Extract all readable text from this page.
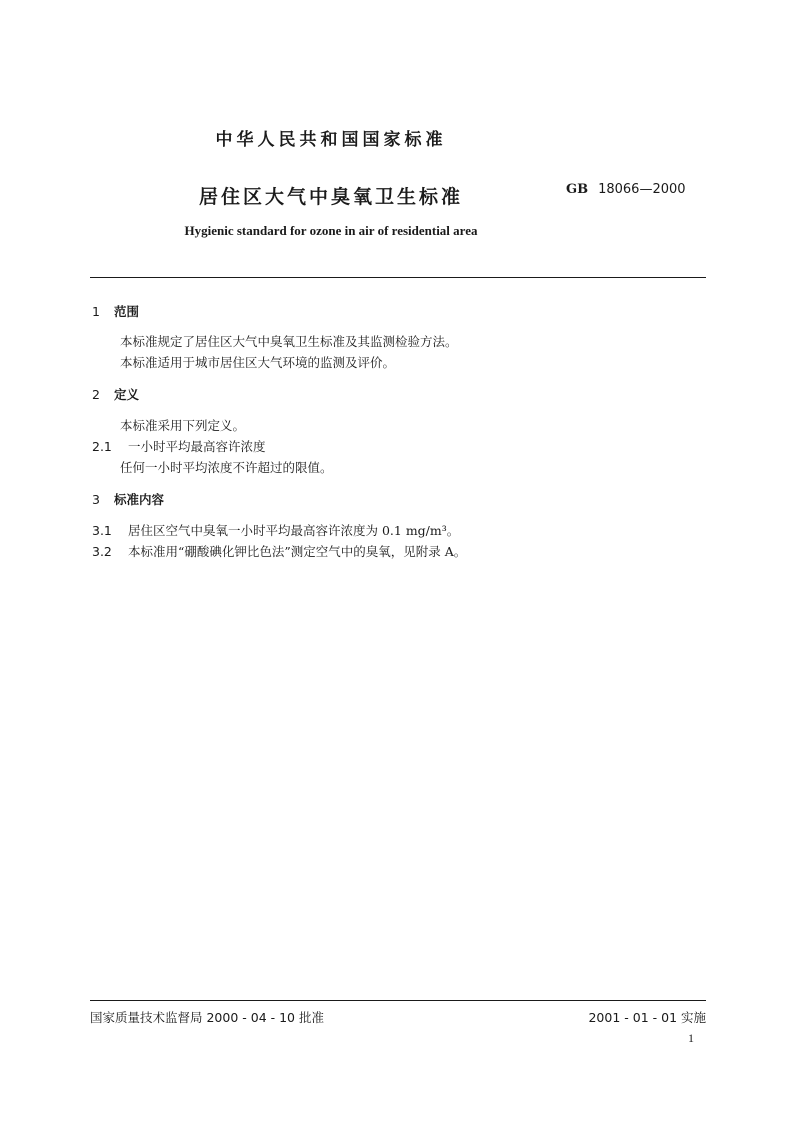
中华人民共和国国家标准
居住区大气中臭氧卫生标准	GB 18066—2000
Hygienic standard for ozone in air of residential area
1 范围
本标准规定了居住区大气中臭氧卫生标准及其监测检验方法。
本标准适用于城市居住区大气环境的监测及评价。
2 定义
本标准采用下列定义。
2.1 一小时平均最高容许浓度
任何一小时平均浓度不许超过的限值。
3 标准内容
3.1 居住区空气中臭氧一小时平均最高容许浓度为 0.1 mg/m³。
3.2 本标准用“硼酸碘化钾比色法”测定空气中的臭氧，见附录 A。
国家质量技术监督局 2000 - 04 - 10 批准	2001 - 01 - 01 实施
1
